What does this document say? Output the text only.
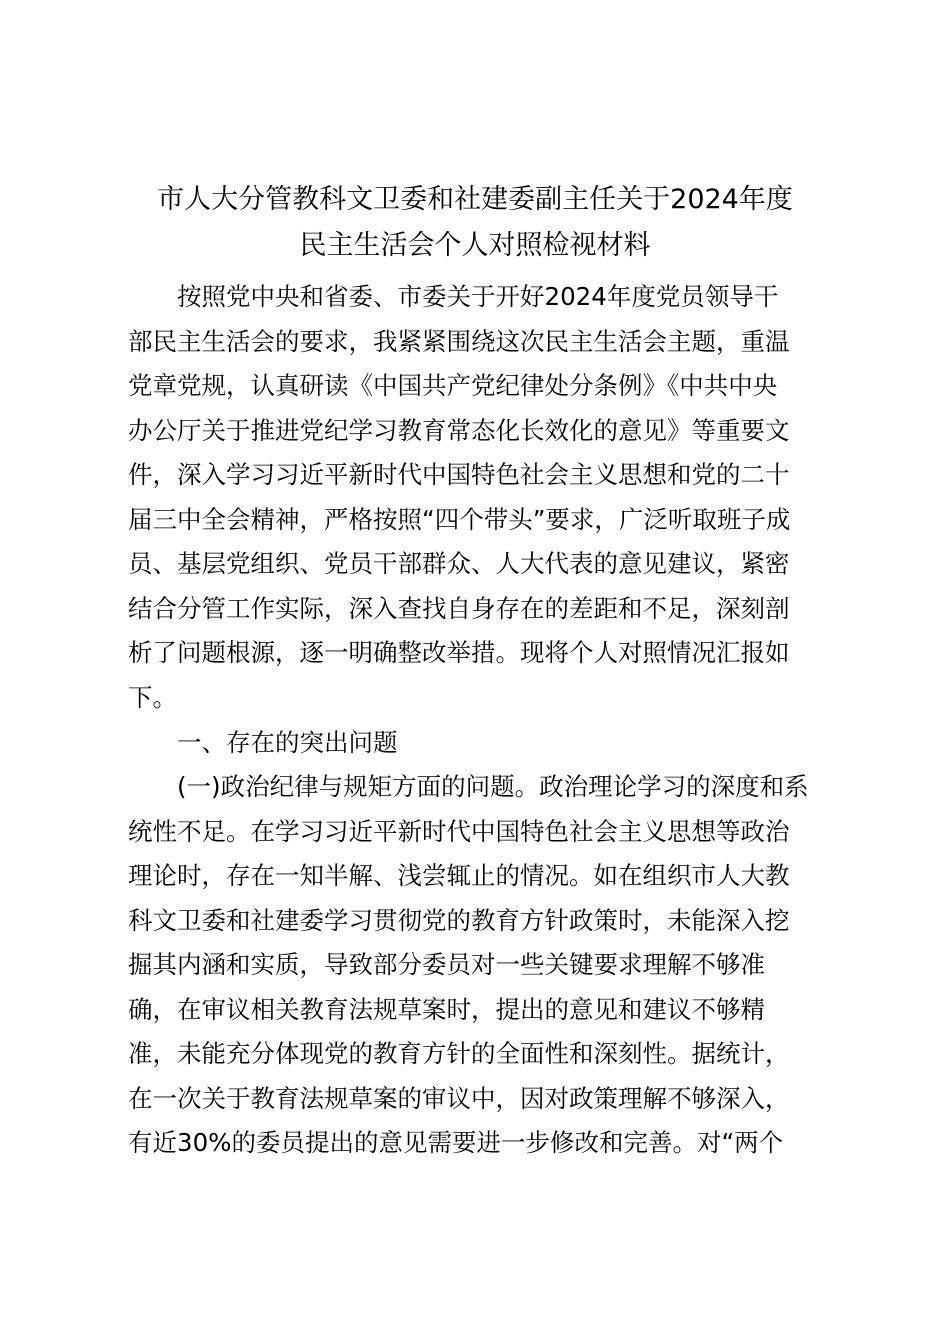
市人大分管教科文卫委和社建委副主任关于2024年度
民主生活会个人对照检视材料
按照党中央和省委、市委关于开好2024年度党员领导干
部民主生活会的要求，我紧紧围绕这次民主生活会主题，重温
党章党规，认真研读《中国共产党纪律处分条例》《中共中央
办公厅关于推进党纪学习教育常态化长效化的意见》等重要文
件，深入学习习近平新时代中国特色社会主义思想和党的二十
届三中全会精神，严格按照“四个带头”要求，广泛听取班子成
员、基层党组织、党员干部群众、人大代表的意见建议，紧密
结合分管工作实际，深入查找自身存在的差距和不足，深刻剖
析了问题根源，逐一明确整改举措。现将个人对照情况汇报如
下。
一、存在的突出问题
(一)政治纪律与规矩方面的问题。政治理论学习的深度和系
统性不足。在学习习近平新时代中国特色社会主义思想等政治
理论时，存在一知半解、浅尝辄止的情况。如在组织市人大教
科文卫委和社建委学习贯彻党的教育方针政策时，未能深入挖
掘其内涵和实质，导致部分委员对一些关键要求理解不够准
确，在审议相关教育法规草案时，提出的意见和建议不够精
准，未能充分体现党的教育方针的全面性和深刻性。据统计，
在一次关于教育法规草案的审议中，因对政策理解不够深入，
有近30%的委员提出的意见需要进一步修改和完善。对“两个
